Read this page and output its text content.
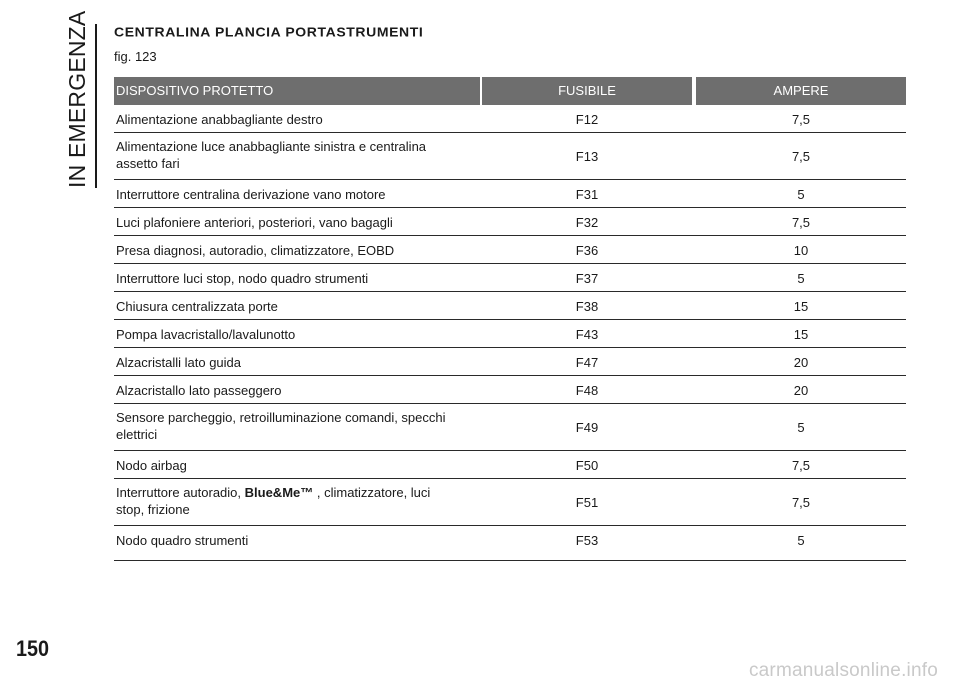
IN EMERGENZA CENTRALINA PLANCIA PORTASTRUMENTI
fig. 123
DISPOSITIVO PROTETTO	FUSIBILE	AMPERE
Alimentazione anabbagliante destro	F12	7,5
Alimentazione luce anabbagliante sinistra e centralina
assetto fari	F13	7,5
Interruttore centralina derivazione vano motore	F31	5
Luci plafoniere anteriori, posteriori, vano bagagli	F32	7,5
Presa diagnosi, autoradio, climatizzatore, EOBD	F36	10
Interruttore luci stop, nodo quadro strumenti	F37	5
Chiusura centralizzata porte	F38	15
Pompa lavacristallo/lavalunotto	F43	15
Alzacristalli lato guida	F47	20
Alzacristallo lato passeggero	F48	20
Sensore parcheggio, retroilluminazione comandi, specchi
elettrici	F49	5
Nodo airbag	F50	7,5
Interruttore autoradio, Blue&Me™ , climatizzatore, luci
stop, frizione	F51	7,5
Nodo quadro strumenti	F53	5
150
carmanualsonline.info
